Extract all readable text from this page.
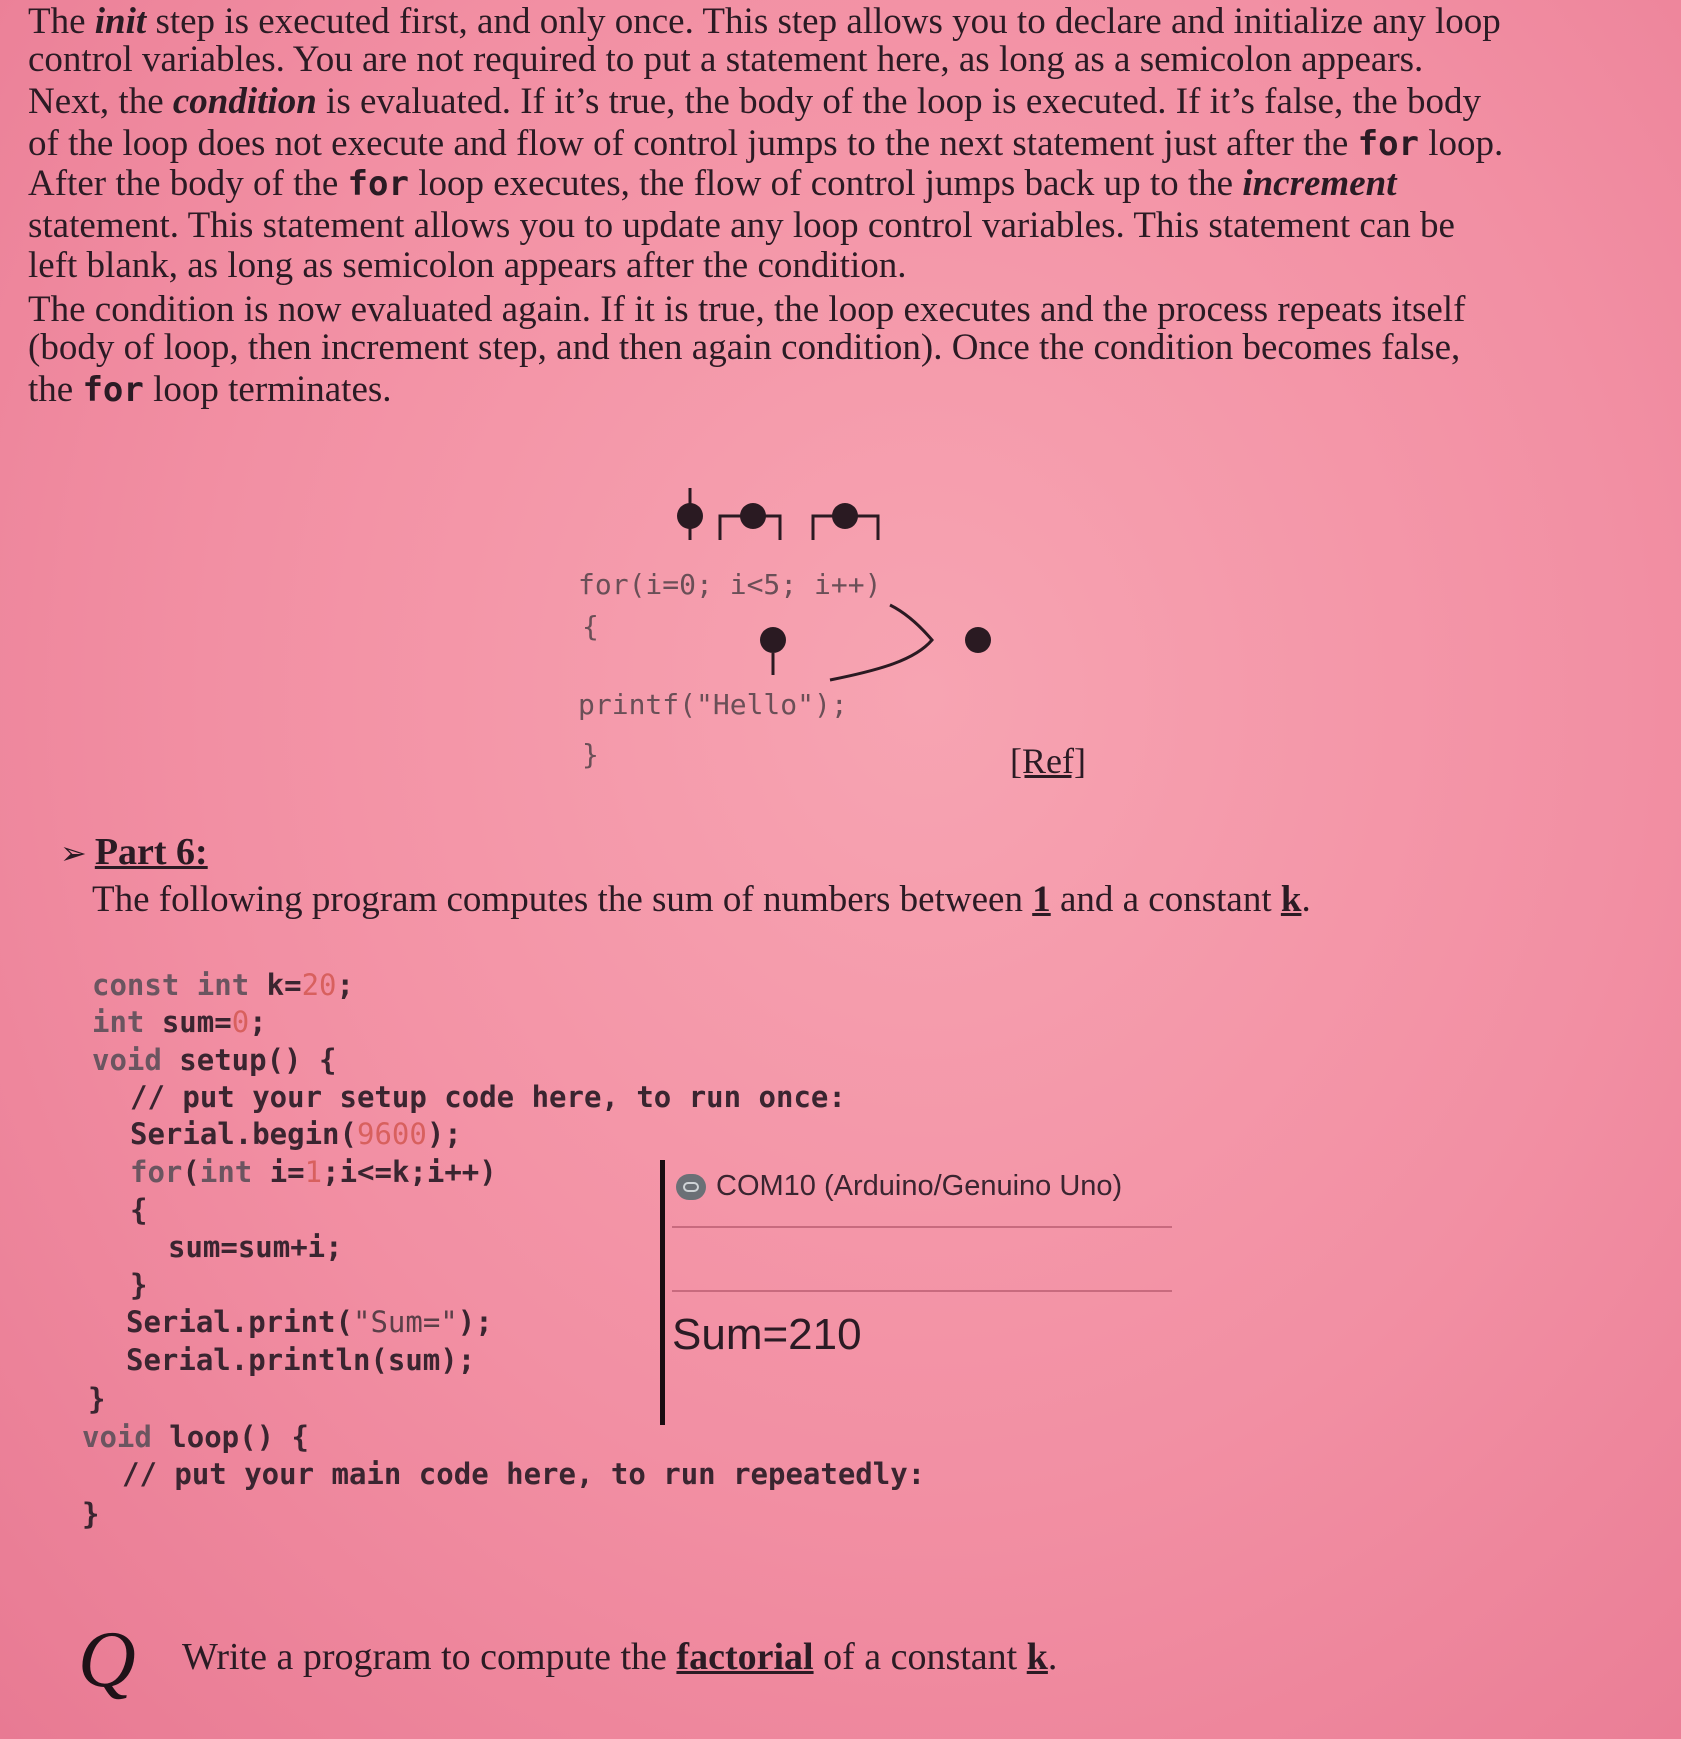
The init step is executed first, and only once. This step allows you to declare and initialize any loop
control variables. You are not required to put a statement here, as long as a semicolon appears.
Next, the condition is evaluated. If it’s true, the body of the loop is executed. If it’s false, the body
of the loop does not execute and flow of control jumps to the next statement just after the for loop.
After the body of the for loop executes, the flow of control jumps back up to the increment
statement. This statement allows you to update any loop control variables. This statement can be
left blank, as long as semicolon appears after the condition.
The condition is now evaluated again. If it is true, the loop executes and the process repeats itself
(body of loop, then increment step, and then again condition). Once the condition becomes false,
the for loop terminates.
for(i=0; i<5; i++)
{
printf("Hello");
}	[Ref]
➢ Part 6:
The following program computes the sum of numbers between 1 and a constant k.
const int k=20;
int sum=0;
void setup() {
// put your setup code here, to run once:
Serial.begin(9600);
for(int i=1;i<=k;i++)
{
sum=sum+i;
}
Serial.print("Sum=");
Serial.println(sum);
}
void loop() {
// put your main code here, to run repeatedly:
}
COM10 (Arduino/Genuino Uno)
Sum=210
Q Write a program to compute the factorial of a constant k.
